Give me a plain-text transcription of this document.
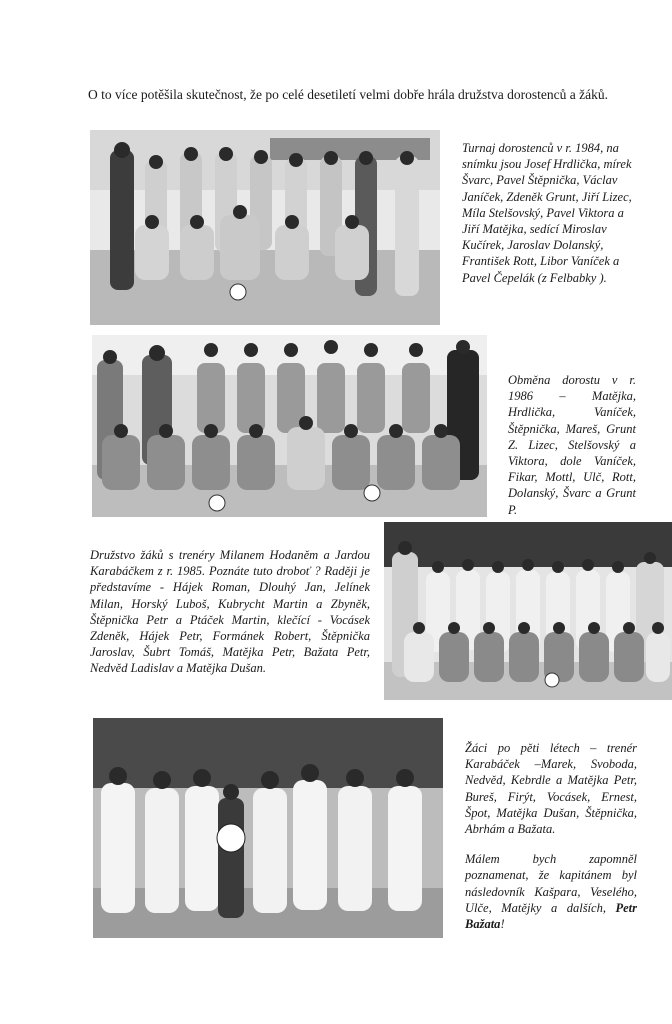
O to více potěšila skutečnost, že po celé desetiletí velmi dobře hrála družstva dorostenců a žáků.

Turnaj dorostenců v r. 1984, na snímku jsou Josef Hrdlička, mírek Švarc, Pavel Štěpnička, Václav Janíček, Zdeněk Grunt, Jiří Lizec, Míla Stelšovský, Pavel Viktora a Jiří Matějka, sedící Miroslav Kučírek, Jaroslav Dolanský, František Rott, Libor Vaníček a Pavel Čepelák (z Felbabky ).

Obměna dorostu v r. 1986 – Matějka, Hrdlička, Vaníček, Štěpnička, Mareš, Grunt Z. Lizec, Stelšovský a Viktora, dole Vaníček, Fikar, Mottl, Ulč, Rott, Dolanský, Švarc a Grunt P.

Družstvo žáků s trenéry Milanem Hodaněm a Jardou Karabáčkem z r. 1985. Poznáte tuto droboť ? Raději je představíme - Hájek Roman, Dlouhý Jan, Jelínek Milan, Horský Luboš, Kubrycht Martin a Zbyněk, Štěpnička Petr a Ptáček Martin, klečící - Vocásek Zdeněk, Hájek Petr, Formánek Robert, Štěpnička Jaroslav, Šubrt Tomáš, Matějka Petr, Bažata Petr, Nedvěd Ladislav a Matějka Dušan.

Žáci po pěti létech – trenér Karabáček –Marek, Svoboda, Nedvěd, Kebrdle a Matějka Petr, Bureš, Firýt, Vocásek, Ernest, Špot, Matějka Dušan, Štěpnička, Abrhám a Bažata.

Málem bych zapomněl poznamenat, že kapitánem byl následovník Kašpara, Veselého, Ulče, Matějky a dalších, Petr Bažata!
